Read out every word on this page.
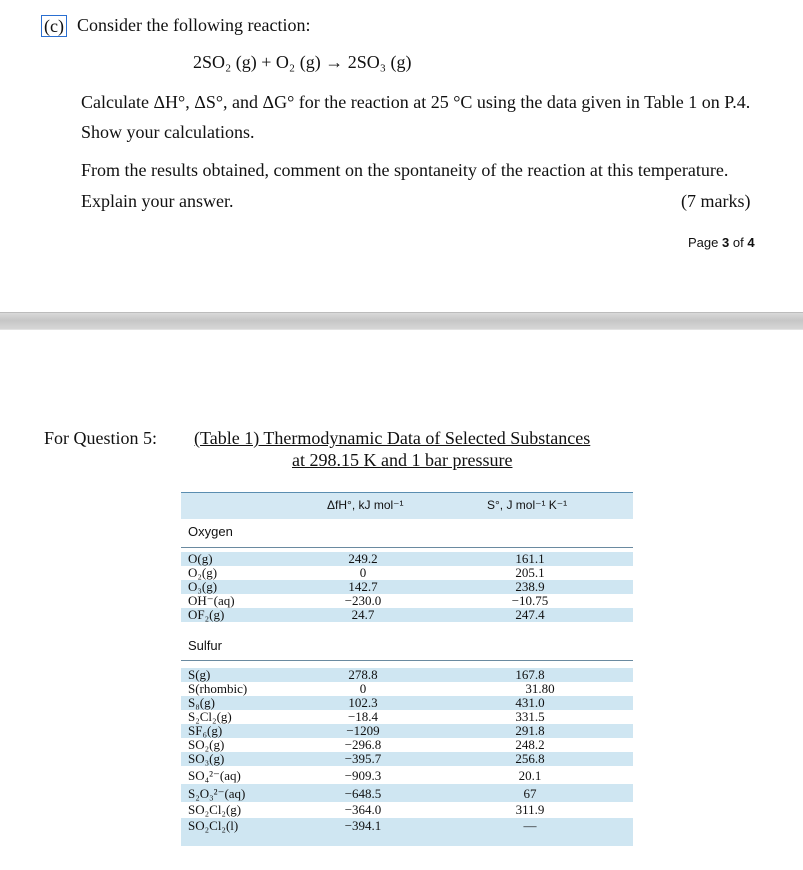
(c) Consider the following reaction:
2SO₂ (g) + O₂ (g) → 2SO₃ (g)
Calculate ΔH°, ΔS°, and ΔG° for the reaction at 25 °C using the data given in Table 1 on P.4.
Show your calculations.
From the results obtained, comment on the spontaneity of the reaction at this temperature.
Explain your answer.	(7 marks)
Page 3 of 4
For Question 5: (Table 1) Thermodynamic Data of Selected Substances
at 298.15 K and 1 bar pressure
ΔfH°, kJ mol⁻¹	S°, J mol⁻¹ K⁻¹
Oxygen
O(g)	249.2	161.1
O₂(g)	0	205.1
O₃(g)	142.7	238.9
OH⁻(aq)	−230.0	−10.75
OF₂(g)	24.7	247.4
Sulfur
S(g)	278.8	167.8
S(rhombic)	0	31.80
S₈(g)	102.3	431.0
S₂Cl₂(g)	−18.4	331.5
SF₆(g)	−1209	291.8
SO₂(g)	−296.8	248.2
SO₃(g)	−395.7	256.8
SO₄²⁻(aq)	−909.3	20.1
S₂O₃²⁻(aq)	−648.5	67
SO₂Cl₂(g)	−364.0	311.9
SO₂Cl₂(l)	−394.1	—
